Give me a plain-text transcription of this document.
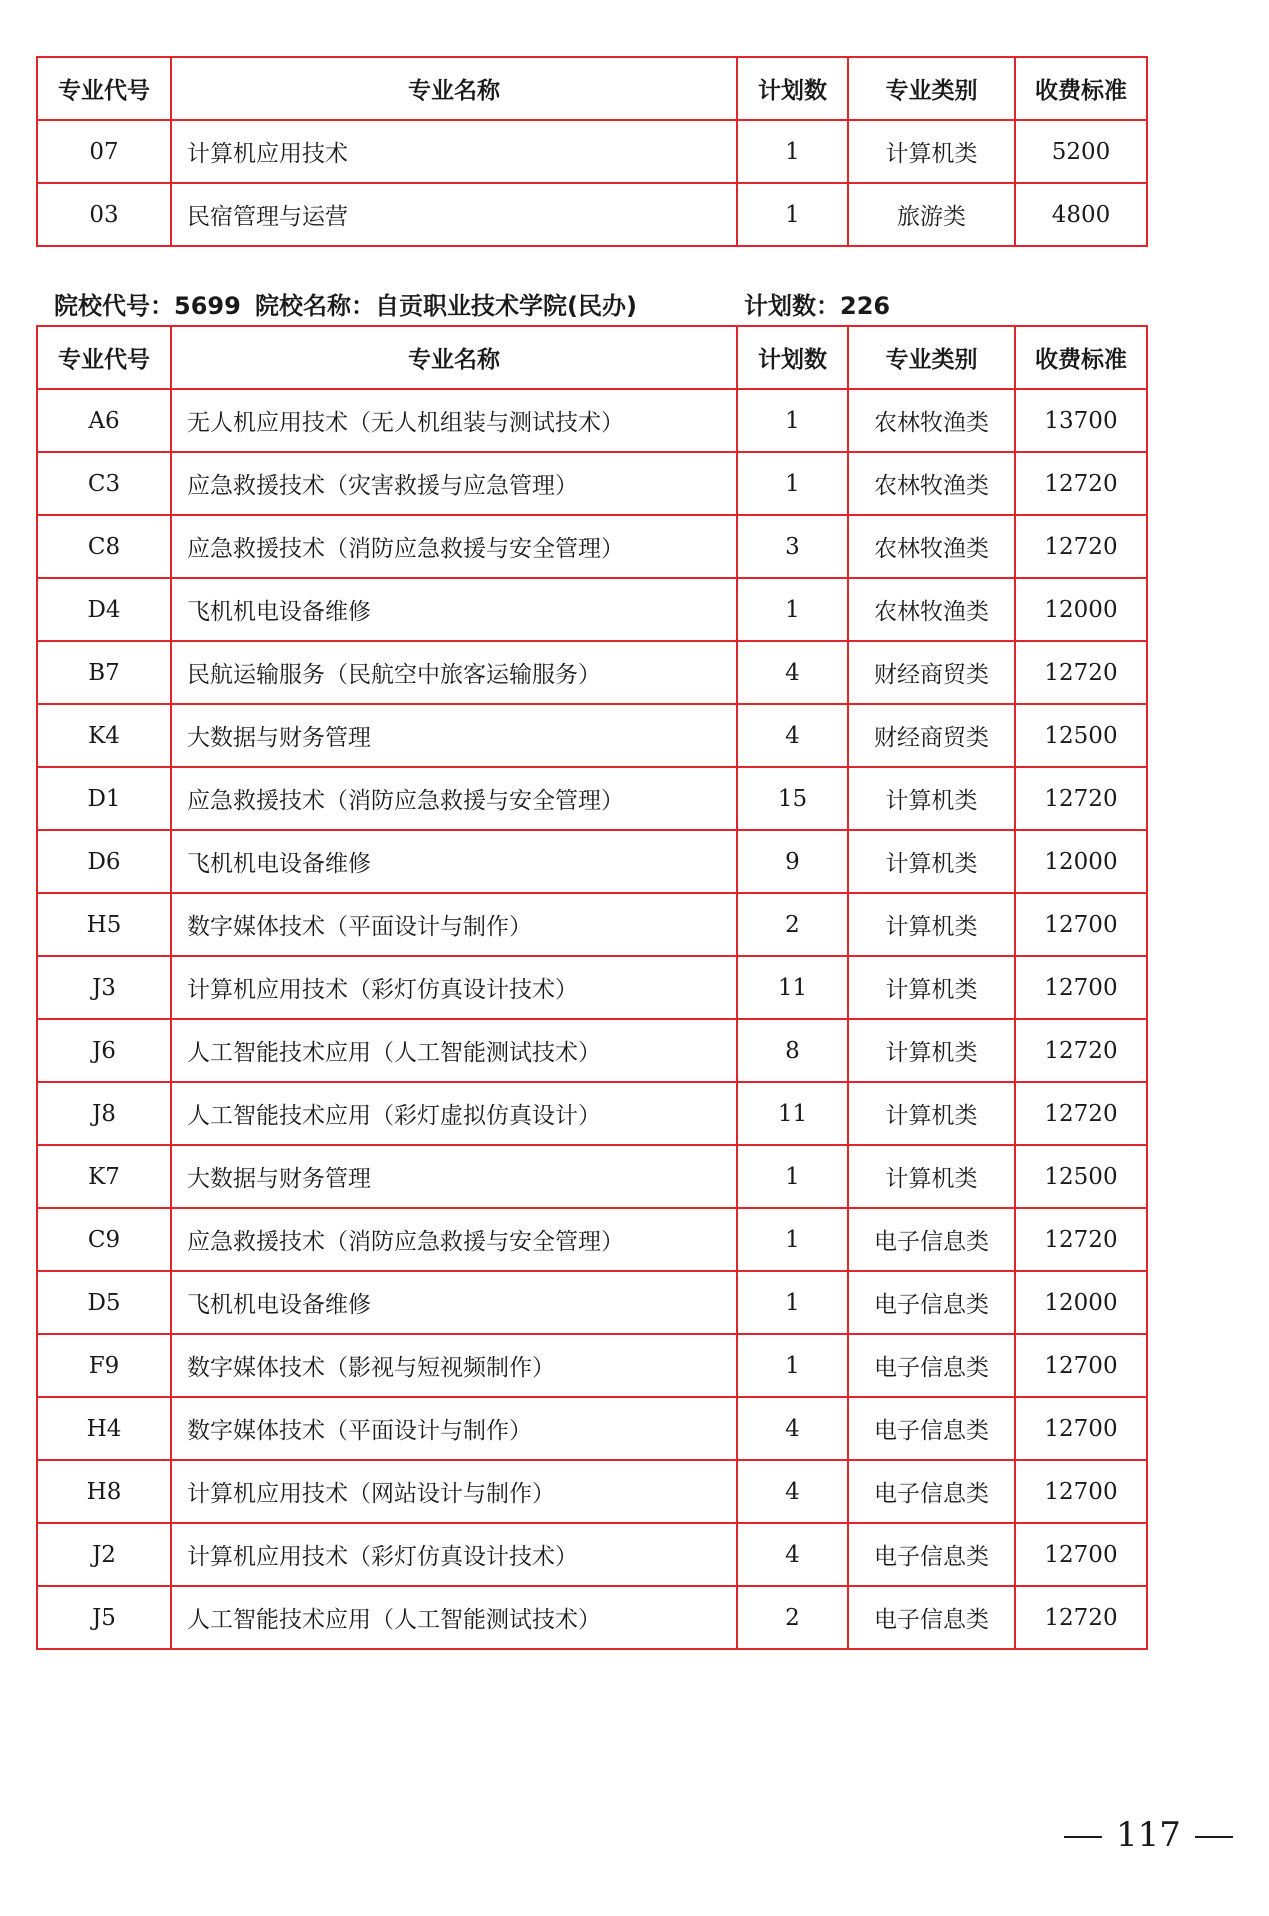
专业代号	专业名称	计划数	专业类别	收费标准
07	计算机应用技术	1	计算机类	5200
03	民宿管理与运营	1	旅游类	4800
院校代号：5699 院校名称：自贡职业技术学院(民办)	计划数：226
专业代号	专业名称	计划数	专业类别	收费标准
A6	无人机应用技术（无人机组装与测试技术）	1	农林牧渔类	13700
C3	应急救援技术（灾害救援与应急管理）	1	农林牧渔类	12720
C8	应急救援技术（消防应急救援与安全管理）	3	农林牧渔类	12720
D4	飞机机电设备维修	1	农林牧渔类	12000
B7	民航运输服务（民航空中旅客运输服务）	4	财经商贸类	12720
K4	大数据与财务管理	4	财经商贸类	12500
D1	应急救援技术（消防应急救援与安全管理）	15	计算机类	12720
D6	飞机机电设备维修	9	计算机类	12000
H5	数字媒体技术（平面设计与制作）	2	计算机类	12700
J3	计算机应用技术（彩灯仿真设计技术）	11	计算机类	12700
J6	人工智能技术应用（人工智能测试技术）	8	计算机类	12720
J8	人工智能技术应用（彩灯虚拟仿真设计）	11	计算机类	12720
K7	大数据与财务管理	1	计算机类	12500
C9	应急救援技术（消防应急救援与安全管理）	1	电子信息类	12720
D5	飞机机电设备维修	1	电子信息类	12000
F9	数字媒体技术（影视与短视频制作）	1	电子信息类	12700
H4	数字媒体技术（平面设计与制作）	4	电子信息类	12700
H8	计算机应用技术（网站设计与制作）	4	电子信息类	12700
J2	计算机应用技术（彩灯仿真设计技术）	4	电子信息类	12700
J5	人工智能技术应用（人工智能测试技术）	2	电子信息类	12720
117
